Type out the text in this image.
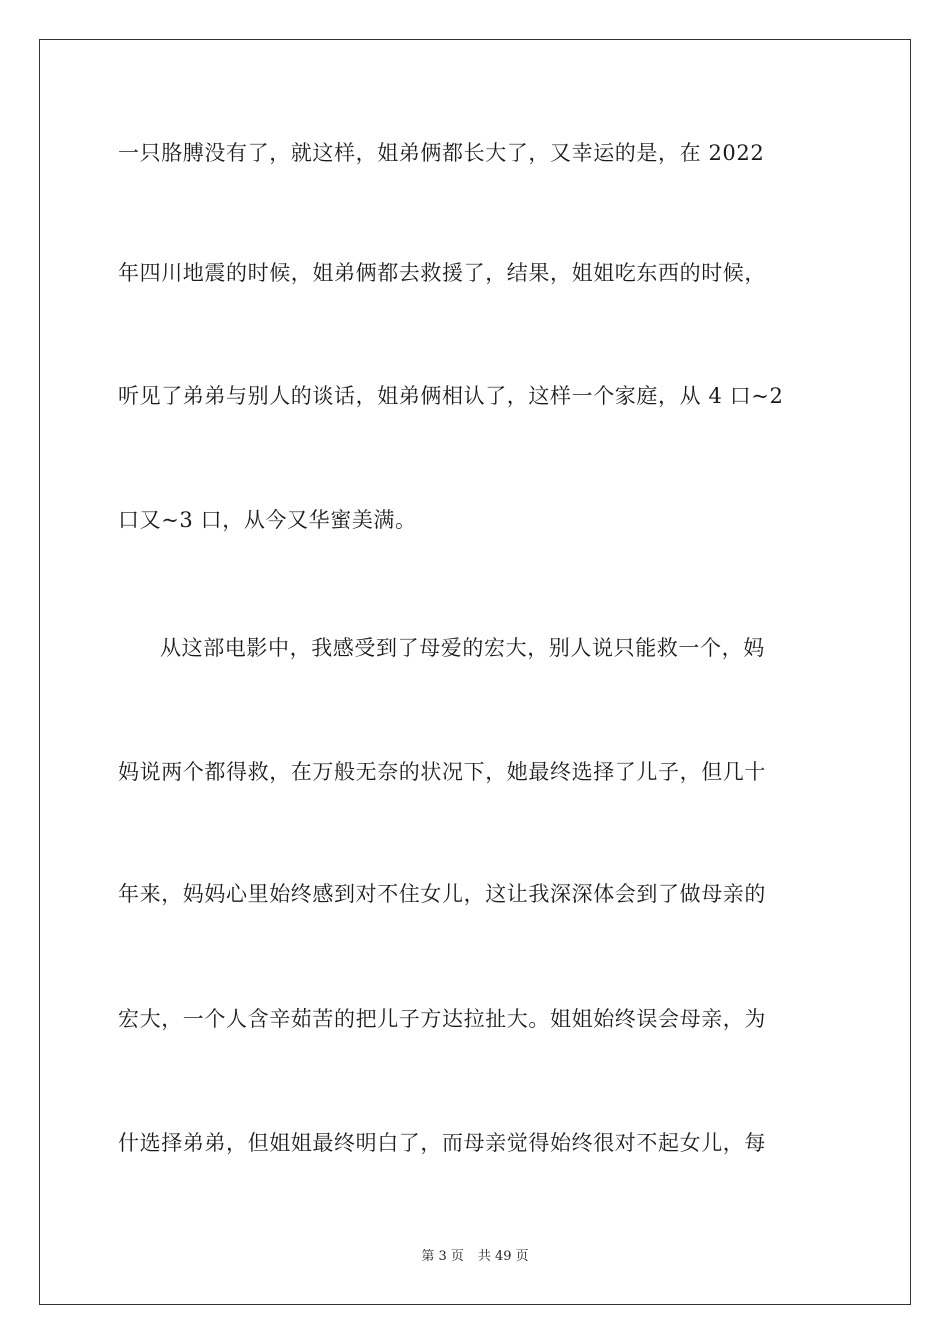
一只胳膊没有了，就这样，姐弟俩都长大了，又幸运的是，在 2022
年四川地震的时候，姐弟俩都去救援了，结果，姐姐吃东西的时候，
听见了弟弟与别人的谈话，姐弟俩相认了，这样一个家庭，从 4 口~2
口又~3 口，从今又华蜜美满。
从这部电影中，我感受到了母爱的宏大，别人说只能救一个，妈
妈说两个都得救，在万般无奈的状况下，她最终选择了儿子，但几十
年来，妈妈心里始终感到对不住女儿，这让我深深体会到了做母亲的
宏大，一个人含辛茹苦的把儿子方达拉扯大。姐姐始终误会母亲，为
什选择弟弟，但姐姐最终明白了，而母亲觉得始终很对不起女儿，每
第 3 页 共 49 页
